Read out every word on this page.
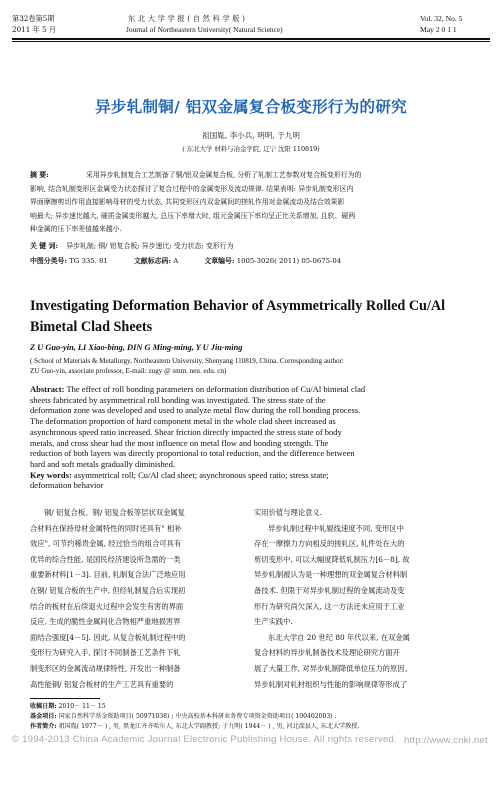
第32卷第5期
2011 年 5 月
东 北 大 学 学 报 ( 自 然 科 学 版 )
Journal of Northeastern University( Natural Science)
Vol. 32, No. 5
May 2 0 1 1
异步轧制铜/ 铝双金属复合板变形行为的研究
祖国胤, 李小兵, 明明, 于九明
( 东北大学 材料与冶金学院, 辽宁 沈阳 110819)
摘 要:	采用异步轧制复合工艺制备了铜/铝双金属复合板, 分析了轧制工艺参数对复合板变形行为的
影响, 结合轧制变形区金属受力状态探讨了复合过程中的金属变形及流动规律. 结果表明: 异步轧制变形区内
界面摩擦剪切作用直接影响母材的受力状态, 共同变形区内双金属间的搓轧作用对金属流动及结合效果影
响最大; 异步速比越大, 硬质金属变形越大, 总压下率增大时, 组元金属压下率均呈正比关系增加, 且软、硬两
种金属的压下率差值越来越小.
关 键 词: 异步轧制; 铜/ 铝复合板; 异步速比; 受力状态; 变形行为
中图分类号: TG 335. 81	文献标志码: A	文章编号: 1005-3026( 2011) 05-0675-04
Investigating Deformation Behavior of Asymmetrically Rolled Cu/Al Bimetal Clad Sheets
Z U Guo-yin, LI Xiao-bing, DIN G Ming-ming, Y U Jiu-ming
( School of Materials & Metallurgy, Northeastern University, Shenyang 110819, China. Corresponding author:
ZU Guo-yin, associate professor, E-mail: zugy @ smm. neu. edu. cn)
Abstract: The effect of roll bonding parameters on deformation distribution of Cu/Al bimetal clad
sheets fabricated by asymmetrical roll bonding was investigated. The stress state of the
deformation zone was developed and used to analyze metal flow during the roll bonding process.
The deformation proportion of hard component metal in the whole clad sheet increased as
asynchronous speed ratio increased. Shear friction directly impacted the stress state of body
metals, and cross shear had the most influence on metal flow and bonding strength. The
reduction of both layers was directly proportional to total reduction, and the difference between
hard and soft metals gradually diminished.
Key words: asymmetrical roll; Cu/Al clad sheet; asynchronous speed ratio; stress state;
deformation behavior
铜/ 铝复合板、钢/ 铝复合板等层状双金属复
合材料在保持母材金属特性的同时还具有" 相补
效应", 可节约稀贵金属, 经过恰当的组合可具有
优异的综合性能, 是国民经济建设所急需的一类
重要新材料[1－3]. 目前, 轧制复合法广泛地应用
在铜/ 铝复合板的生产中, 但经轧制复合后实现初
结合的板材在后续退火过程中会发生有害的界面
反应, 生成的脆性金属间化合物相严重地损害界
面结合强度[4－5]. 因此, 从复合板轧制过程中的
变形行为研究入手, 探讨不同制备工艺条件下轧
制变形区的金属流动规律特性, 开发出一种制备
高性能铜/ 铝复合板材的生产工艺具有重要的
实用价值与理论意义.
异步轧制过程中轧辊线速度不同, 变形区中
存在一摩擦力方向相反的搓轧区, 轧件处在大的
剪切变形中, 可以大幅度降低轧制压力[6－8], 故
异步轧制被认为是一种理想的双金属复合材料制
备技术. 但限于对异步轧制过程的金属流动及变
形行为研究尚欠深入, 这一方法还未应用于工业
生产实践中.
东北大学自 20 世纪 80 年代以来, 在双金属
复合材料的异步轧制备技术及理论研究方面开
展了大量工作, 对异步轧制降低单位压力的原因、
异步轧制对轧材组织与性能的影响规律等形成了
收稿日期: 2010－ 11－ 15
基金项目: 国家自然科学基金资助项目( 50971038) ; 中央高校基本科研业务费专项资金资助项目( 100402003) .
作者简介: 祖国胤( 1977－ ) , 男, 黑龙江齐齐哈尔人, 东北大学副教授; 于九明( 1944－ ) , 男, 河北滦县人, 东北大学教授.
© 1994-2013 China Academic Journal Electronic Publishing House. All rights reserved. http://www.cnki.net
